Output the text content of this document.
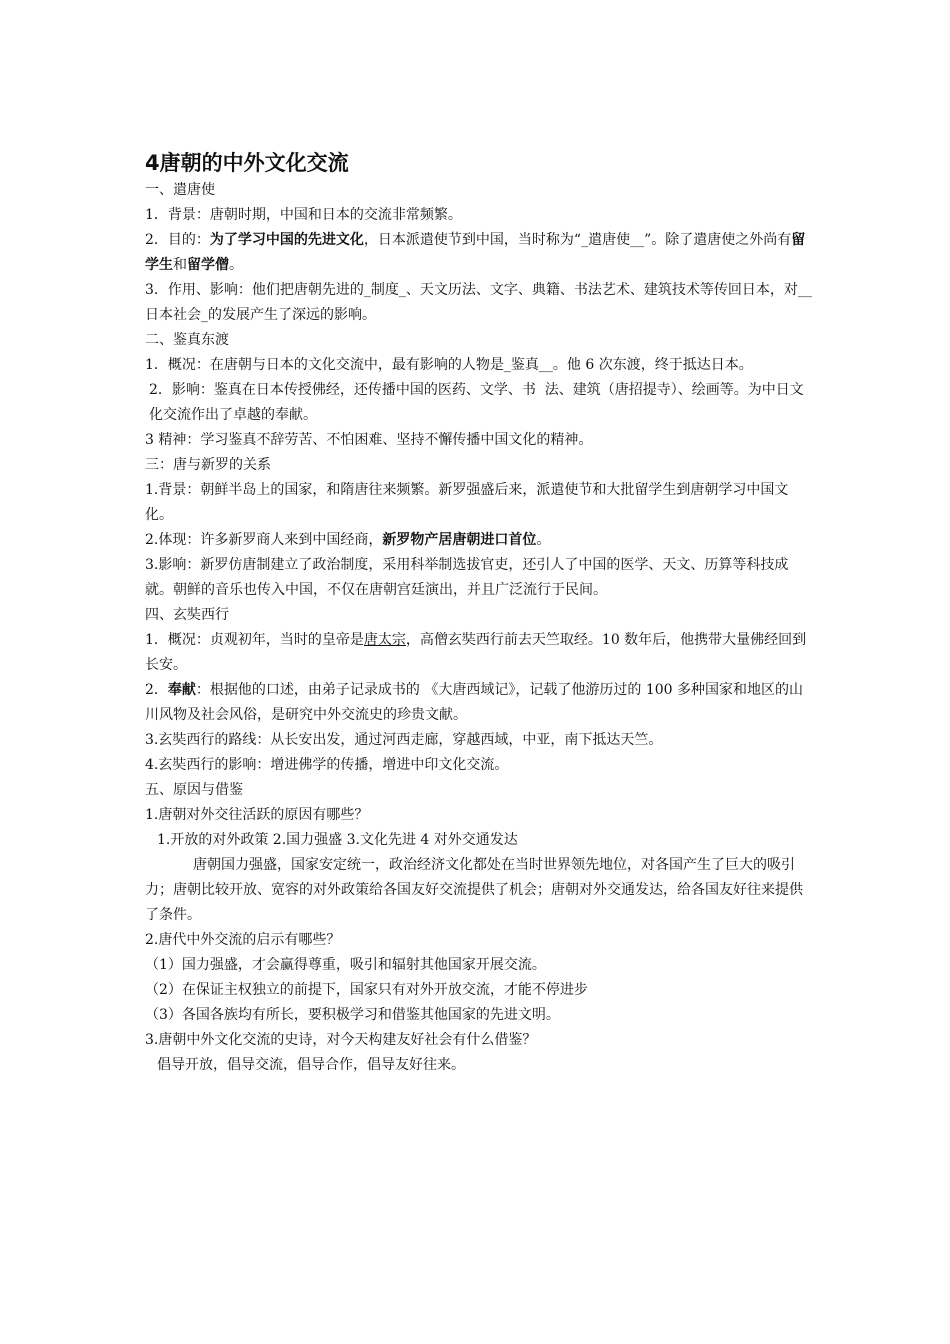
4唐朝的中外文化交流

一、遣唐使

1．背景：唐朝时期，中国和日本的交流非常频繁。

2．目的：为了学习中国的先进文化，日本派遣使节到中国，当时称为“_遣唐使__”。除了遣唐使之外尚有留学生和留学僧。

3．作用、影响：他们把唐朝先进的_制度_、天文历法、文字、典籍、书法艺术、建筑技术等传回日本，对__日本社会_的发展产生了深远的影响。

二、鉴真东渡

1．概况：在唐朝与日本的文化交流中，最有影响的人物是_鉴真__。他 6 次东渡，终于抵达日本。

2．影响：鉴真在日本传授佛经，还传播中国的医药、文学、书  法、建筑（唐招提寺）、绘画等。为中日文化交流作出了卓越的奉献。

3 精神：学习鉴真不辞劳苦、不怕困难、坚持不懈传播中国文化的精神。

三：唐与新罗的关系

1.背景：朝鲜半岛上的国家，和隋唐往来频繁。新罗强盛后来，派遣使节和大批留学生到唐朝学习中国文化。

2.体现：许多新罗商人来到中国经商，新罗物产居唐朝进口首位。

3.影响：新罗仿唐制建立了政治制度，采用科举制选拔官吏，还引人了中国的医学、天文、历算等科技成就。朝鲜的音乐也传入中国，不仅在唐朝宫廷演出，并且广泛流行于民间。

四、玄奘西行

1．概况：贞观初年，当时的皇帝是唐太宗，高僧玄奘西行前去天竺取经。10 数年后，他携带大量佛经回到长安。

2．奉献：根据他的口述，由弟子记录成书的 《大唐西域记》，记载了他游历过的 100 多种国家和地区的山川风物及社会风俗，是研究中外交流史的珍贵文献。

3.玄奘西行的路线：从长安出发，通过河西走廊，穿越西域，中亚，南下抵达天竺。

4.玄奘西行的影响：增进佛学的传播，增进中印文化交流。

五、原因与借鉴

1.唐朝对外交往活跃的原因有哪些？

1.开放的对外政策 2.国力强盛 3.文化先进 4 对外交通发达

唐朝国力强盛，国家安定统一，政治经济文化都处在当时世界领先地位，对各国产生了巨大的吸引力；唐朝比较开放、宽容的对外政策给各国友好交流提供了机会；唐朝对外交通发达，给各国友好往来提供了条件。

2.唐代中外交流的启示有哪些？

（1）国力强盛，才会赢得尊重，吸引和辐射其他国家开展交流。

（2）在保证主权独立的前提下，国家只有对外开放交流，才能不停进步

（3）各国各族均有所长，要积极学习和借鉴其他国家的先进文明。

3.唐朝中外文化交流的史诗，对今天构建友好社会有什么借鉴？

倡导开放，倡导交流，倡导合作，倡导友好往来。
